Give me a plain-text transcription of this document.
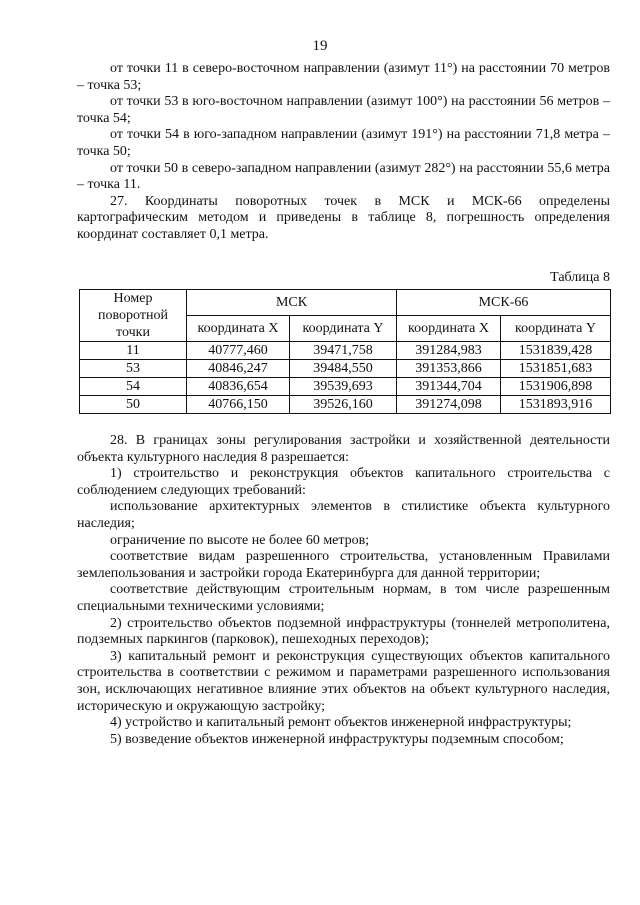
19

от точки 11 в северо-восточном направлении (азимут 11°) на расстоянии 70 метров – точка 53;

от точки 53 в юго-восточном направлении (азимут 100°) на расстоянии 56 метров – точка 54;

от точки 54 в юго-западном направлении (азимут 191°) на расстоянии 71,8 метра – точка 50;

от точки 50 в северо-западном направлении (азимут 282°) на расстоянии 55,6 метра – точка 11.

27. Координаты поворотных точек в МСК и МСК-66 определены картографическим методом и приведены в таблице 8, погрешность определения координат составляет 0,1 метра.

Таблица 8
Номер поворотной точки	МСК		МСК-66	
	координата X	координата Y	координата X	координата Y
11	40777,460	39471,758	391284,983	1531839,428
53	40846,247	39484,550	391353,866	1531851,683
54	40836,654	39539,693	391344,704	1531906,898
50	40766,150	39526,160	391274,098	1531893,916

28. В границах зоны регулирования застройки и хозяйственной деятельности объекта культурного наследия 8 разрешается:

1) строительство и реконструкция объектов капитального строительства с соблюдением следующих требований:

использование архитектурных элементов в стилистике объекта культурного наследия;

ограничение по высоте не более 60 метров;

соответствие видам разрешенного строительства, установленным Правилами землепользования и застройки города Екатеринбурга для данной территории;

соответствие действующим строительным нормам, в том числе разрешенным специальными техническими условиями;

2) строительство объектов подземной инфраструктуры (тоннелей метрополитена, подземных паркингов (парковок), пешеходных переходов);

3) капитальный ремонт и реконструкция существующих объектов капитального строительства в соответствии с режимом и параметрами разрешенного использования зон, исключающих негативное влияние этих объектов на объект культурного наследия, историческую и окружающую застройку;

4) устройство и капитальный ремонт объектов инженерной инфраструктуры;

5) возведение объектов инженерной инфраструктуры подземным способом;
